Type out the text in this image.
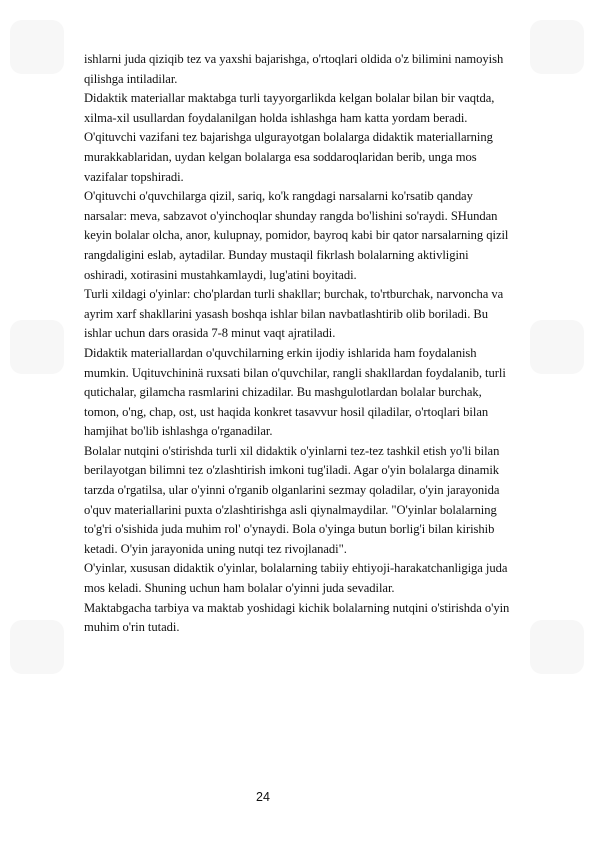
ishlarni juda qiziqib tez va yaxshi bajarishga, o'rtoqlari oldida o'z bilimini namoyish

qilishga intiladilar.

Didaktik materiallar maktabga turli tayyorgarlikda kelgan bolalar bilan bir vaqtda,

xilma-xil usullardan foydalanilgan holda ishlashga ham katta yordam beradi.

O'qituvchi vazifani tez bajarishga ulgurayotgan bolalarga didaktik materiallarning

murakkablaridan, uydan kelgan bolalarga esa soddaroqlaridan berib, unga mos

vazifalar topshiradi.

O'qituvchi o'quvchilarga qizil, sariq, ko'k rangdagi narsalarni ko'rsatib qanday

narsalar: meva, sabzavot o'yinchoqlar shunday rangda bo'lishini so'raydi. SHundan

keyin bolalar olcha, anor, kulupnay, pomidor, bayroq kabi bir qator narsalarning qizil

rangdaligini eslab, aytadilar. Bunday mustaqil fikrlash bolalarning aktivligini

oshiradi, xotirasini mustahkamlaydi, lug'atini boyitadi.

Turli xildagi o'yinlar: cho'plardan turli shakllar; burchak, to'rtburchak, narvoncha va

ayrim xarf shakllarini yasash boshqa ishlar bilan navbatlashtirib olib boriladi. Bu

ishlar uchun dars orasida 7-8 minut vaqt ajratiladi.

Didaktik materiallardan o'quvchilarning erkin ijodiy ishlarida ham foydalanish

mumkin. Uqituvchininä ruxsati bilan o'quvchilar, rangli shakllardan foydalanib, turli

qutichalar, gilamcha rasmlarini chizadilar. Bu mashgulotlardan bolalar burchak,

tomon, o'ng, chap, ost, ust haqida konkret tasavvur hosil qiladilar, o'rtoqlari bilan

hamjihat bo'lib ishlashga o'rganadilar.

Bolalar nutqini o'stirishda turli xil didaktik o'yinlarni tez-tez tashkil etish yo'li bilan

berilayotgan bilimni tez o'zlashtirish imkoni tug'iladi. Agar o'yin bolalarga dinamik

tarzda o'rgatilsa, ular o'yinni o'rganib olganlarini sezmay qoladilar, o'yin jarayonida

o'quv materiallarini puxta o'zlashtirishga asli qiynalmaydilar. "O'yinlar bolalarning

to'g'ri o'sishida juda muhim rol' o'ynaydi. Bola o'yinga butun borlig'i bilan kirishib

ketadi. O'yin jarayonida uning nutqi tez rivojlanadi".

O'yinlar, xususan didaktik o'yinlar, bolalarning tabiiy ehtiyoji-harakatchanligiga juda

mos keladi. Shuning uchun ham bolalar o'yinni juda sevadilar.

Maktabgacha tarbiya va maktab yoshidagi kichik bolalarning nutqini o'stirishda o'yin

muhim o'rin tutadi.

24
